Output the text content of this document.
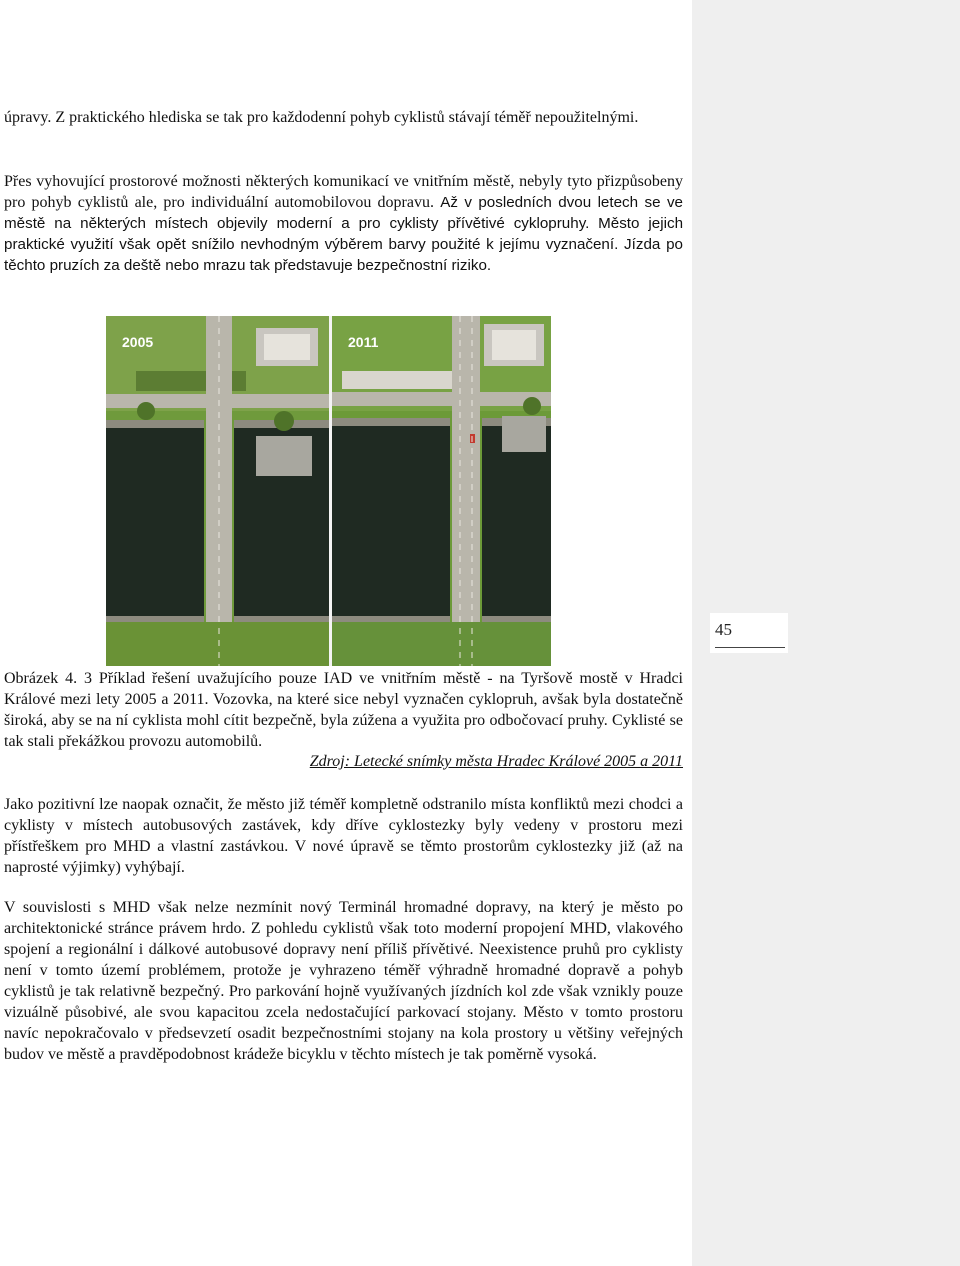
45

úpravy. Z praktického hlediska se tak pro každodenní pohyb cyklistů stávají téměř nepoužitelnými.

Přes vyhovující prostorové možnosti některých komunikací ve vnitřním městě, nebyly tyto přizpůsobeny pro pohyb cyklistů ale, pro individuální automobilovou dopravu. Až v posledních dvou letech se ve městě na některých místech objevily moderní a pro cyklisty přívětivé cyklopruhy. Město jejich praktické využití však opět snížilo nevhodným výběrem barvy použité k jejímu vyznačení. Jízda po těchto pruzích za deště nebo mrazu tak představuje bezpečnostní riziko.

2005	2011

Obrázek 4. 3 Příklad řešení uvažujícího pouze IAD ve vnitřním městě - na Tyršově mostě v Hradci Králové mezi lety 2005 a 2011. Vozovka, na které sice nebyl vyznačen cyklopruh, avšak byla dostatečně široká, aby se na ní cyklista mohl cítit bezpečně, byla zúžena a využita pro odbočovací pruhy. Cyklisté se tak stali překážkou provozu automobilů.

Zdroj: Letecké snímky města Hradec Králové 2005 a 2011

Jako pozitivní lze naopak označit, že město již téměř kompletně odstranilo místa konfliktů mezi chodci a cyklisty v místech autobusových zastávek, kdy dříve cyklostezky byly vedeny v prostoru mezi přístřeškem pro MHD a vlastní zastávkou. V nové úpravě se těmto prostorům cyklostezky již (až na naprosté výjimky) vyhýbají.

V souvislosti s MHD však nelze nezmínit nový Terminál hromadné dopravy, na který je město po architektonické stránce právem hrdo. Z pohledu cyklistů však toto moderní propojení MHD, vlakového spojení a regionální i dálkové autobusové dopravy není příliš přívětivé. Neexistence pruhů pro cyklisty není v tomto území problémem, protože je vyhrazeno téměř výhradně hromadné dopravě a pohyb cyklistů je tak relativně bezpečný. Pro parkování hojně využívaných jízdních kol zde však vznikly pouze vizuálně působivé, ale svou kapacitou zcela nedostačující parkovací stojany. Město v tomto prostoru navíc nepokračovalo v předsevzetí osadit bezpečnostními stojany na kola prostory u většiny veřejných budov ve městě a pravděpodobnost krádeže bicyklu v těchto místech je tak poměrně vysoká.
